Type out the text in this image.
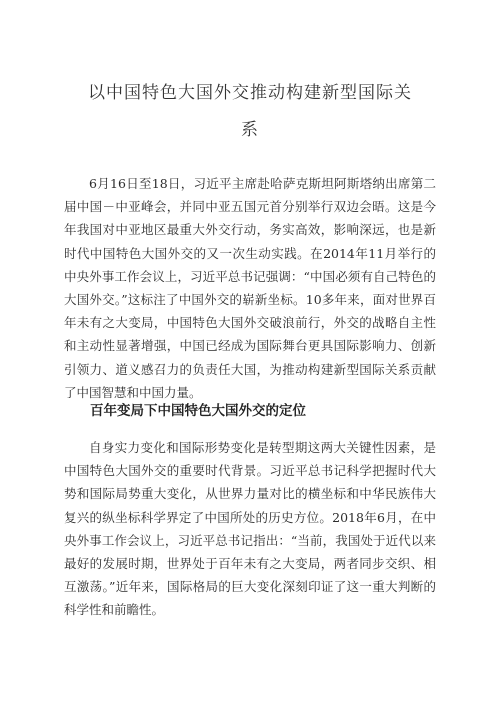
以中国特色大国外交推动构建新型国际关
系

6月16日至18日，习近平主席赴哈萨克斯坦阿斯塔纳出席第二届中国－中亚峰会，并同中亚五国元首分别举行双边会晤。这是今年我国对中亚地区最重大外交行动，务实高效，影响深远，也是新时代中国特色大国外交的又一次生动实践。在2014年11月举行的中央外事工作会议上，习近平总书记强调：“中国必须有自己特色的大国外交。”这标注了中国外交的崭新坐标。10多年来，面对世界百年未有之大变局，中国特色大国外交破浪前行，外交的战略自主性和主动性显著增强，中国已经成为国际舞台更具国际影响力、创新引领力、道义感召力的负责任大国，为推动构建新型国际关系贡献了中国智慧和中国力量。

百年变局下中国特色大国外交的定位

自身实力变化和国际形势变化是转型期这两大关键性因素，是中国特色大国外交的重要时代背景。习近平总书记科学把握时代大势和国际局势重大变化，从世界力量对比的横坐标和中华民族伟大复兴的纵坐标科学界定了中国所处的历史方位。2018年6月，在中央外事工作会议上，习近平总书记指出：“当前，我国处于近代以来最好的发展时期，世界处于百年未有之大变局，两者同步交织、相互激荡。”近年来，国际格局的巨大变化深刻印证了这一重大判断的科学性和前瞻性。
